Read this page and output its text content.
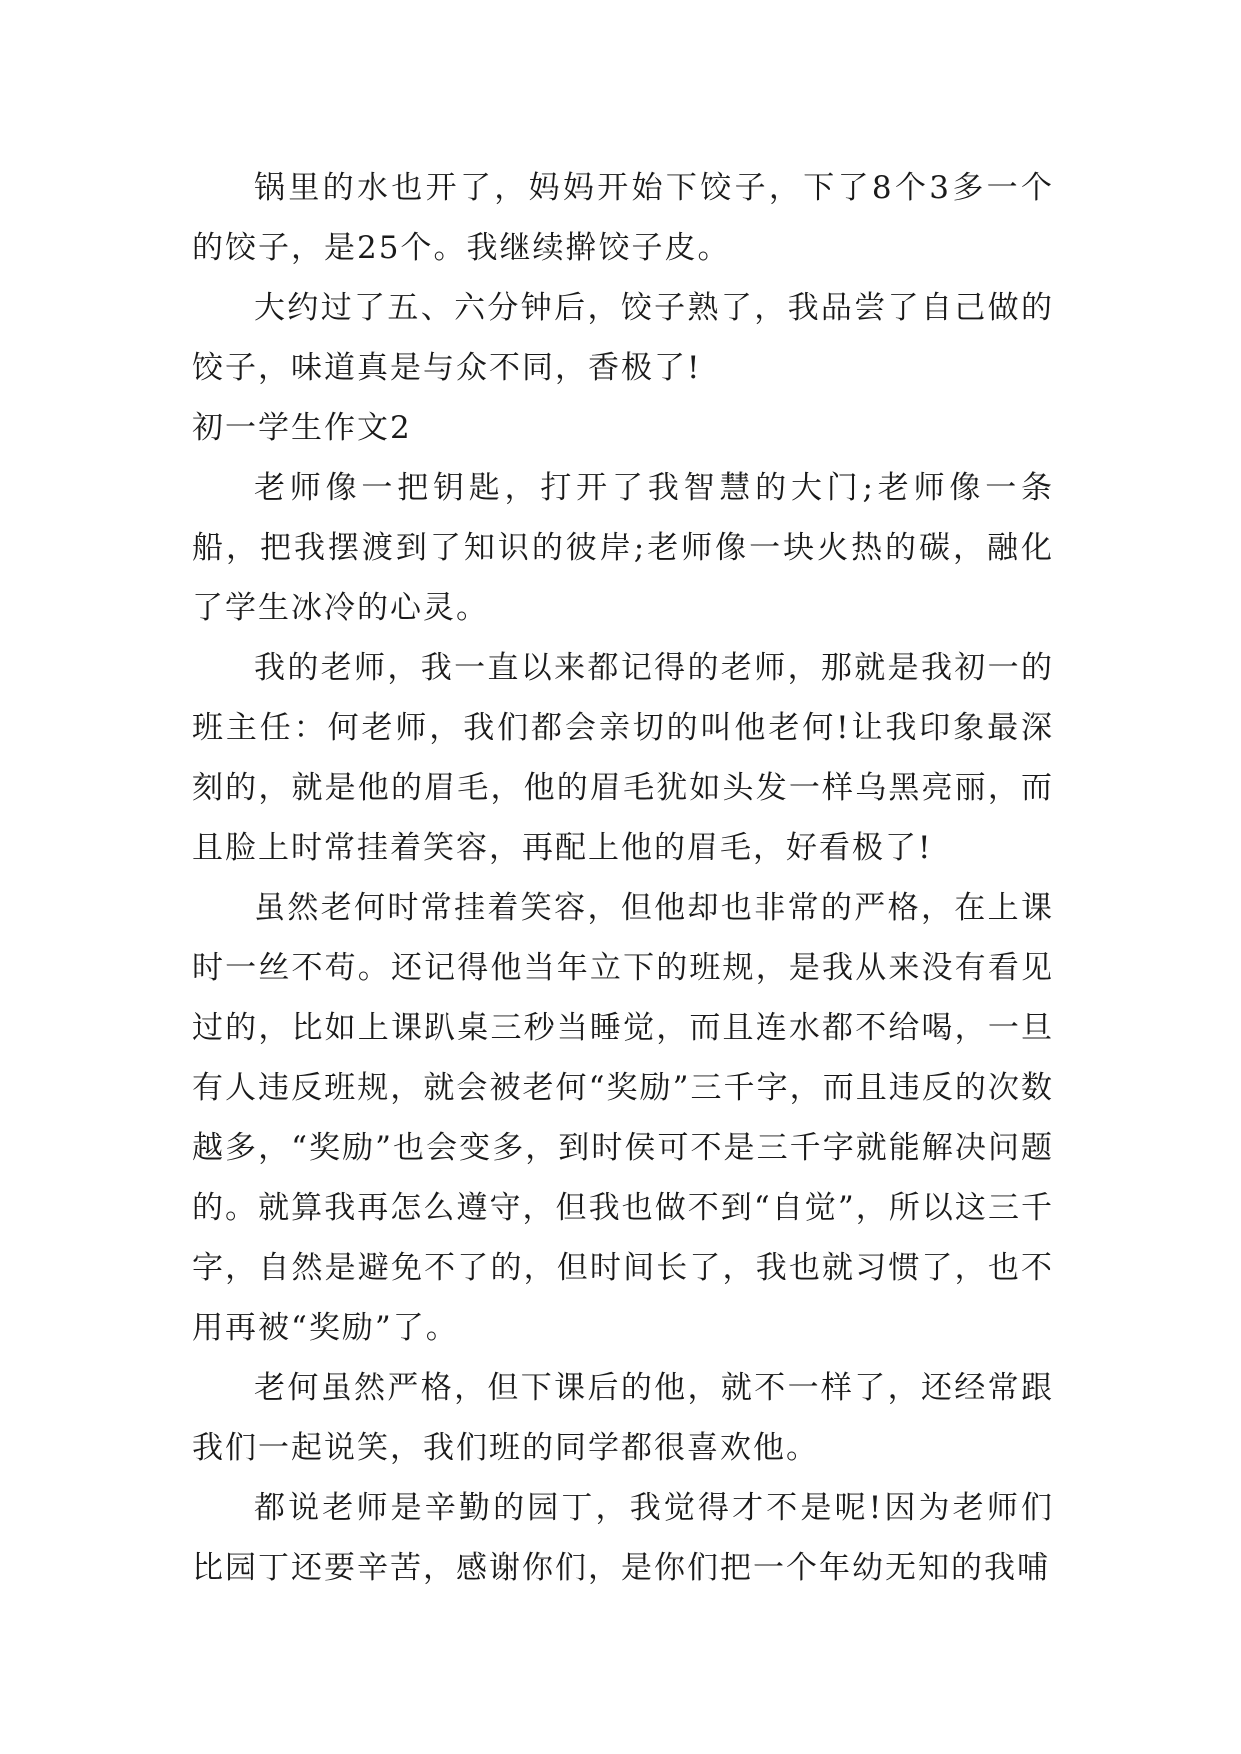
锅里的水也开了，妈妈开始下饺子，下了8个3多一个的饺子，是25个。我继续擀饺子皮。

大约过了五、六分钟后，饺子熟了，我品尝了自己做的饺子，味道真是与众不同，香极了!

初一学生作文2

老师像一把钥匙，打开了我智慧的大门;老师像一条船，把我摆渡到了知识的彼岸;老师像一块火热的碳，融化了学生冰冷的心灵。

我的老师，我一直以来都记得的老师，那就是我初一的班主任：何老师，我们都会亲切的叫他老何!让我印象最深刻的，就是他的眉毛，他的眉毛犹如头发一样乌黑亮丽，而且脸上时常挂着笑容，再配上他的眉毛，好看极了!

虽然老何时常挂着笑容，但他却也非常的严格，在上课时一丝不苟。还记得他当年立下的班规，是我从来没有看见过的，比如上课趴桌三秒当睡觉，而且连水都不给喝，一旦有人违反班规，就会被老何“奖励”三千字，而且违反的次数越多，“奖励”也会变多，到时侯可不是三千字就能解决问题的。就算我再怎么遵守，但我也做不到“自觉”，所以这三千字，自然是避免不了的，但时间长了，我也就习惯了，也不用再被“奖励”了。

老何虽然严格，但下课后的他，就不一样了，还经常跟我们一起说笑，我们班的同学都很喜欢他。

都说老师是辛勤的园丁，我觉得才不是呢!因为老师们比园丁还要辛苦，感谢你们，是你们把一个年幼无知的我哺
